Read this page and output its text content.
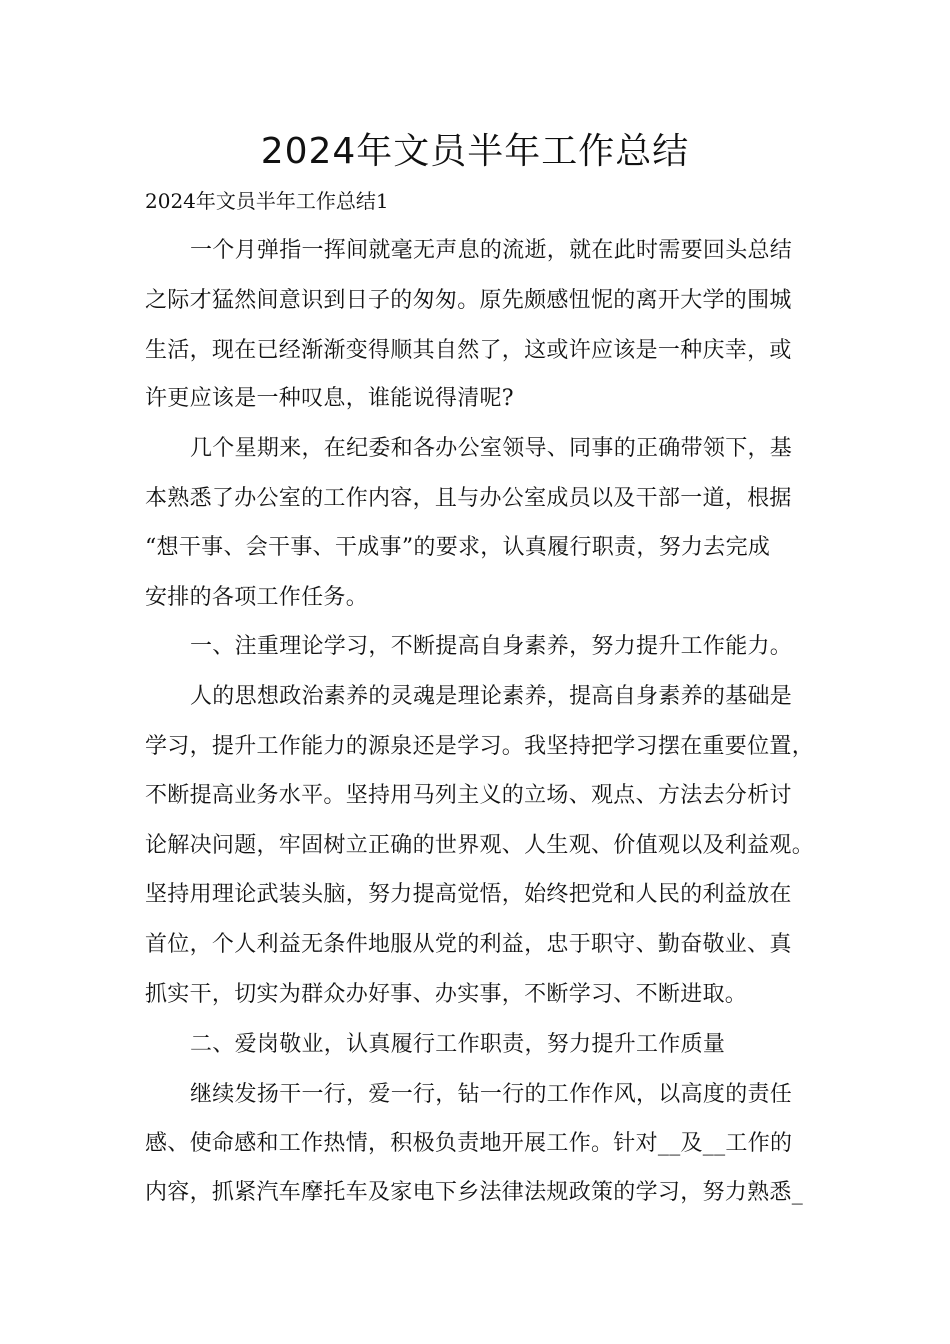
2024年文员半年工作总结
2024年文员半年工作总结1
一个月弹指一挥间就毫无声息的流逝，就在此时需要回头总结
之际才猛然间意识到日子的匆匆。原先颇感忸怩的离开大学的围城
生活，现在已经渐渐变得顺其自然了，这或许应该是一种庆幸，或
许更应该是一种叹息，谁能说得清呢?
几个星期来，在纪委和各办公室领导、同事的正确带领下，基
本熟悉了办公室的工作内容，且与办公室成员以及干部一道，根据
“想干事、会干事、干成事”的要求，认真履行职责，努力去完成
安排的各项工作任务。
一、注重理论学习，不断提高自身素养，努力提升工作能力。
人的思想政治素养的灵魂是理论素养，提高自身素养的基础是
学习，提升工作能力的源泉还是学习。我坚持把学习摆在重要位置，
不断提高业务水平。坚持用马列主义的立场、观点、方法去分析讨
论解决问题，牢固树立正确的世界观、人生观、价值观以及利益观。
坚持用理论武装头脑，努力提高觉悟，始终把党和人民的利益放在
首位，个人利益无条件地服从党的利益，忠于职守、勤奋敬业、真
抓实干，切实为群众办好事、办实事，不断学习、不断进取。
二、爱岗敬业，认真履行工作职责，努力提升工作质量
继续发扬干一行，爱一行，钻一行的工作作风，以高度的责任
感、使命感和工作热情，积极负责地开展工作。针对__及__工作的
内容，抓紧汽车摩托车及家电下乡法律法规政策的学习，努力熟悉_
